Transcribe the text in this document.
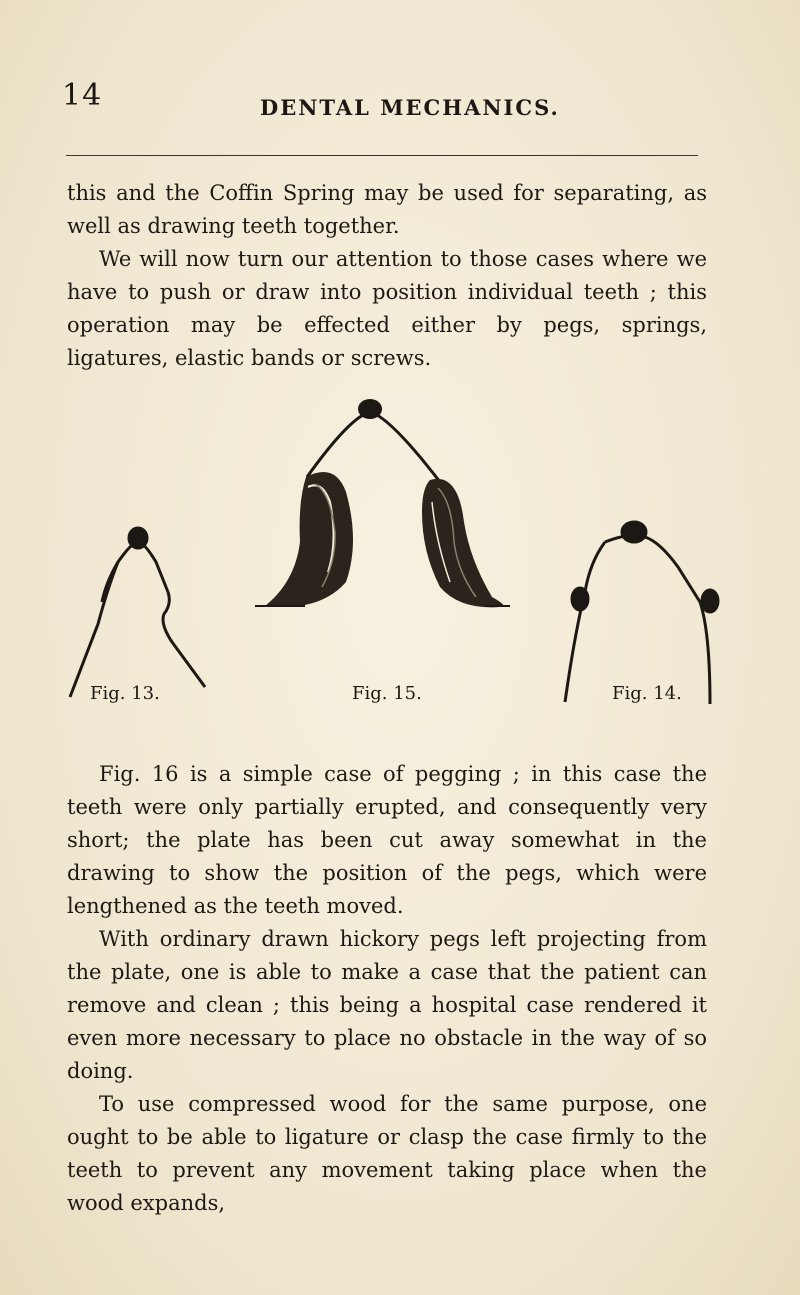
14	DENTAL MECHANICS.

this and the Coffin Spring may be used for separating, as well as drawing teeth together.

We will now turn our attention to those cases where we have to push or draw into position individual teeth ; this operation may be effected either by pegs, springs, ligatures, elastic bands or screws.

Fig. 13.	Fig. 15.	Fig. 14.

Fig. 16 is a simple case of pegging ; in this case the teeth were only partially erupted, and consequently very short; the plate has been cut away somewhat in the drawing to show the position of the pegs, which were lengthened as the teeth moved.

With ordinary drawn hickory pegs left projecting from the plate, one is able to make a case that the patient can remove and clean ; this being a hospital case rendered it even more necessary to place no obstacle in the way of so doing.

To use compressed wood for the same purpose, one ought to be able to ligature or clasp the case firmly to the teeth to prevent any movement taking place when the wood expands,
